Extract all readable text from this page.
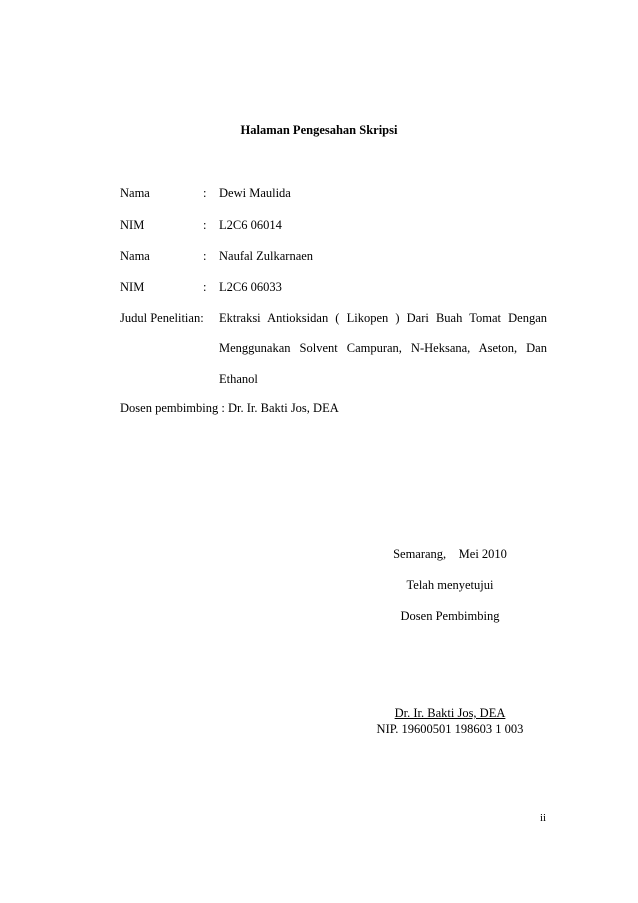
Halaman Pengesahan Skripsi
Nama	: Dewi Maulida
NIM	: L2C6 06014
Nama	: Naufal Zulkarnaen
NIM	: L2C6 06033
Judul Penelitian: Ektraksi Antioksidan ( Likopen ) Dari Buah Tomat Dengan
Menggunakan Solvent Campuran, N-Heksana, Aseton, Dan
Ethanol
Dosen pembimbing : Dr. Ir. Bakti Jos, DEA
Semarang,    Mei 2010
Telah menyetujui
Dosen Pembimbing
Dr. Ir. Bakti Jos, DEA
NIP. 19600501 198603 1 003
ii
